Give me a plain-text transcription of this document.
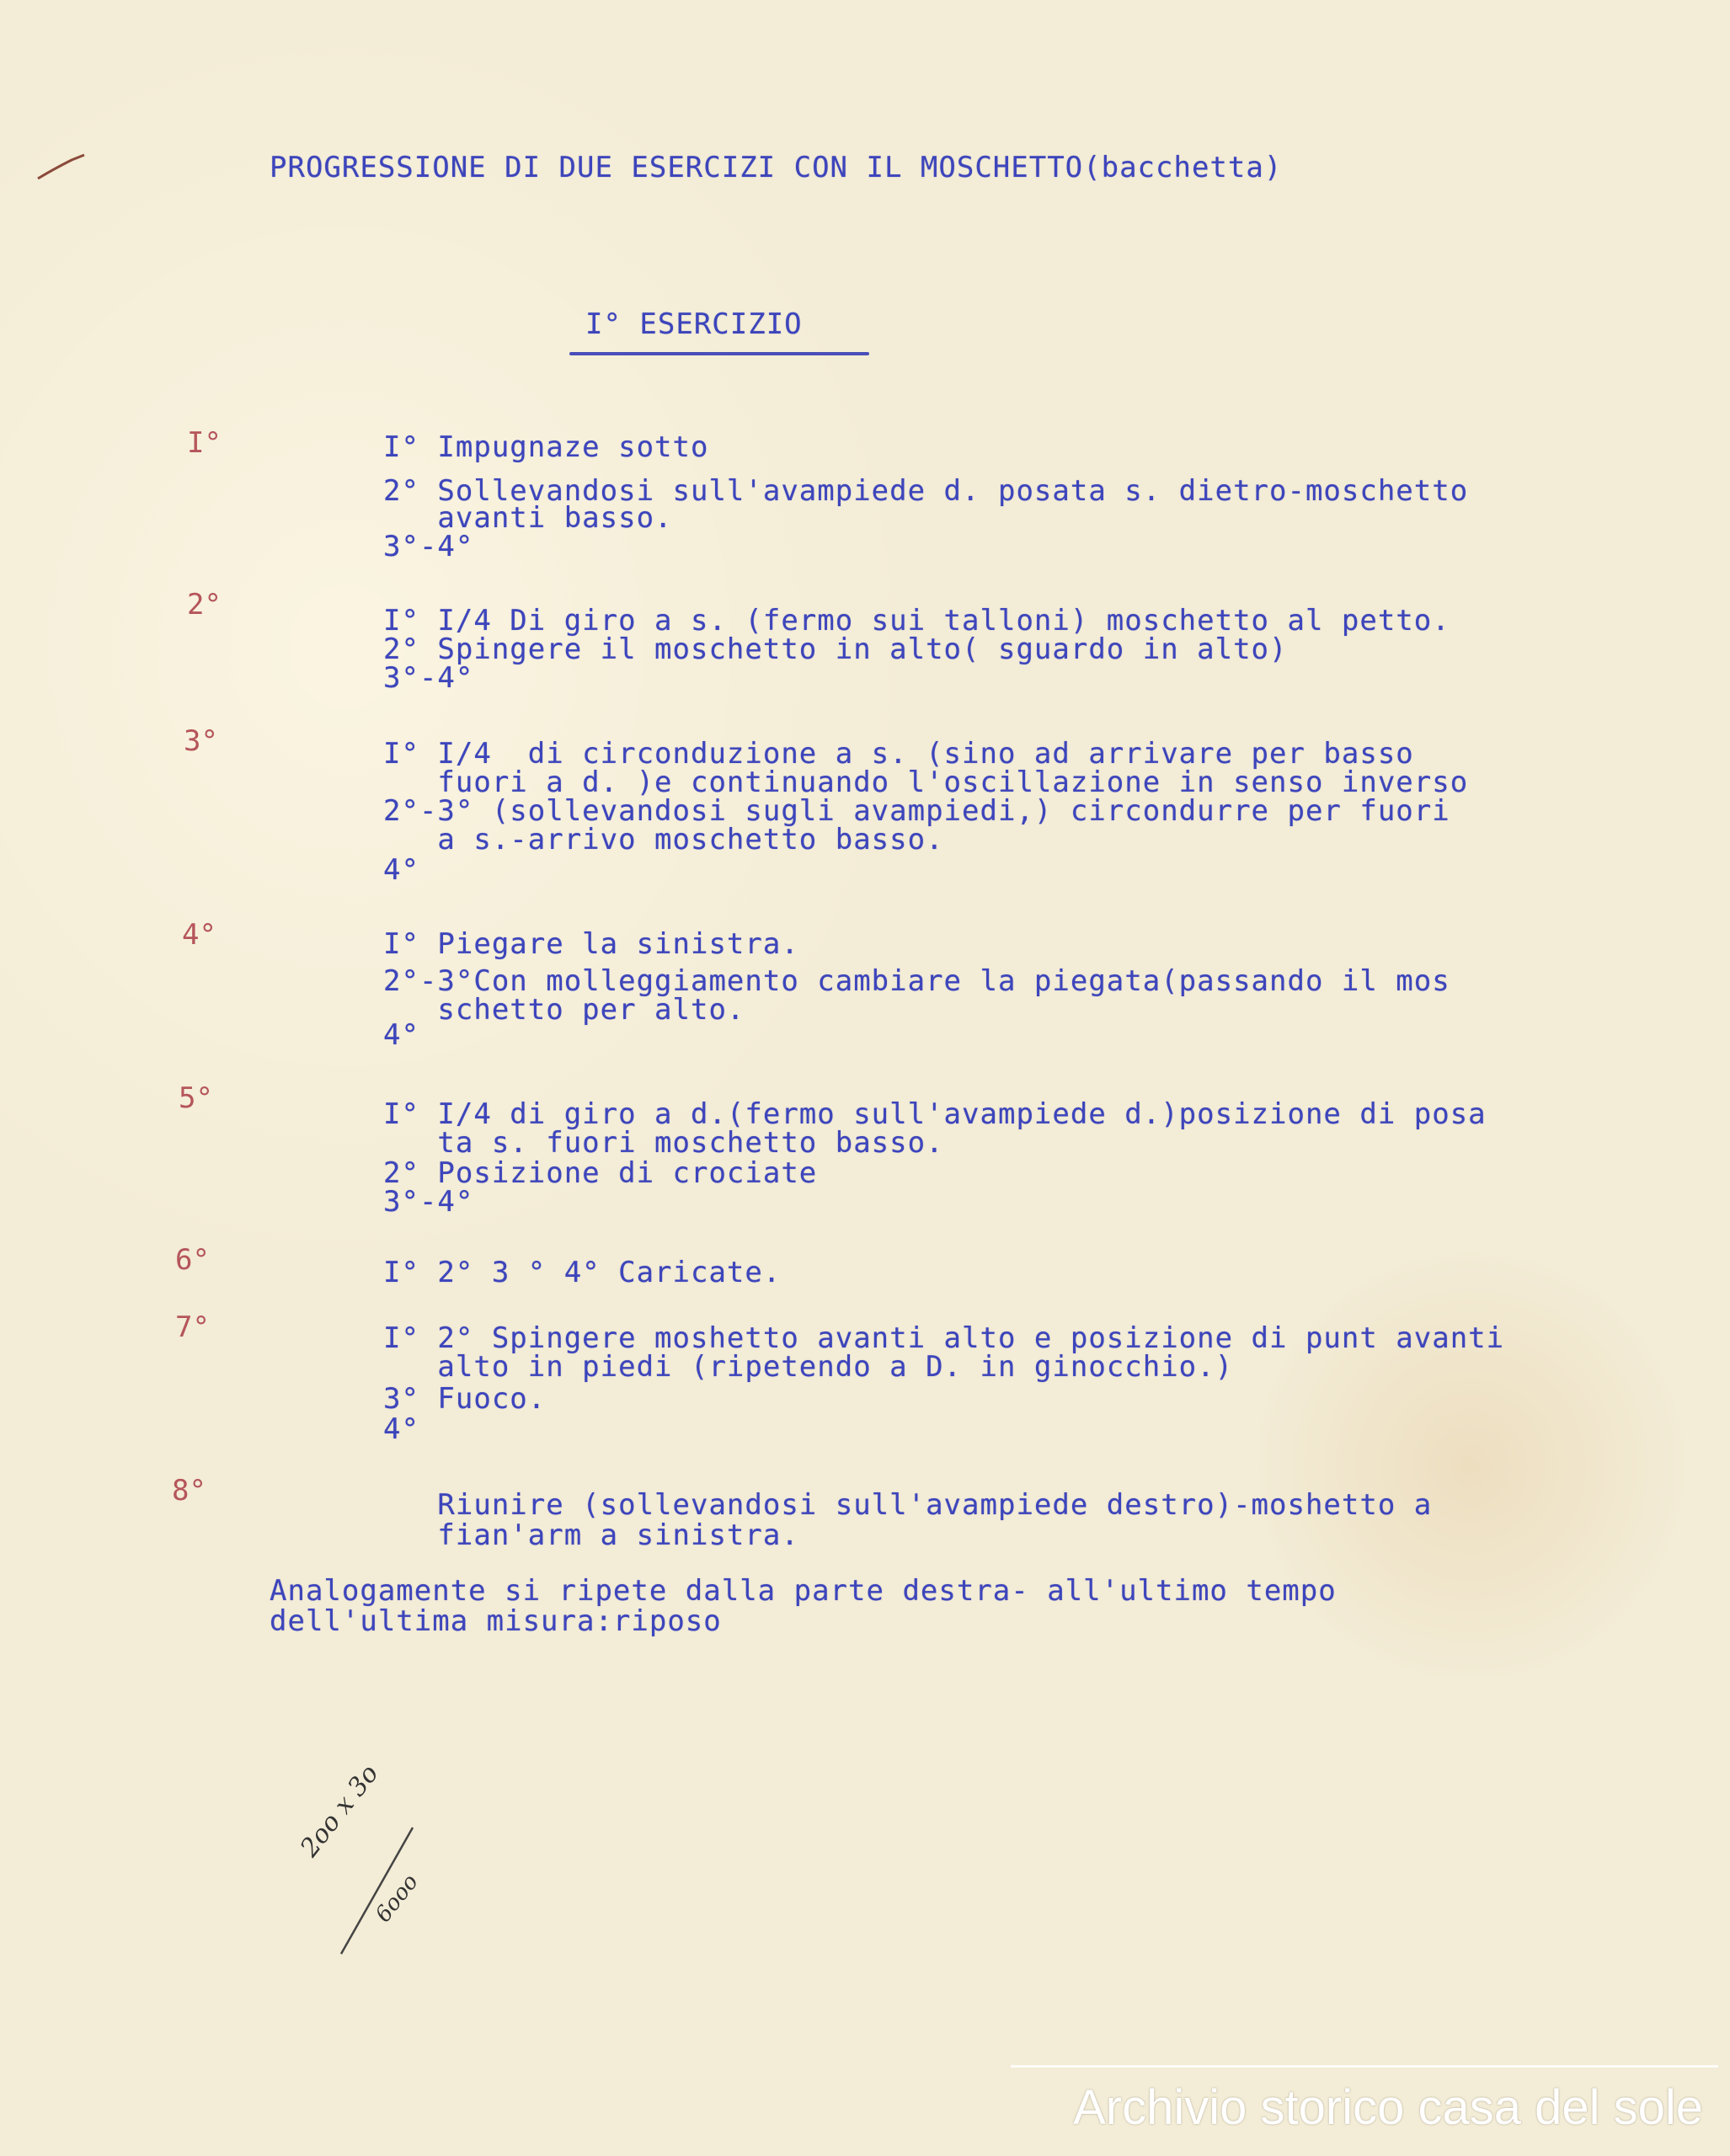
PROGRESSIONE DI DUE ESERCIZI CON IL MOSCHETTO(bacchetta)
I° ESERCIZIO
I°	I° Impugnaze sotto
2° Sollevandosi sull'avampiede d. posata s. dietro-moschetto
avanti basso.
3°-4°
2°	I° I/4 Di giro a s. (fermo sui talloni) moschetto al petto.
2° Spingere il moschetto in alto( sguardo in alto)
3°-4°
3°	I° I/4  di circonduzione a s. (sino ad arrivare per basso
fuori a d. )e continuando l'oscillazione in senso inverso
2°-3° (sollevandosi sugli avampiedi,) circondurre per fuori
a s.-arrivo moschetto basso.
4°
4°	I° Piegare la sinistra.
2°-3°Con molleggiamento cambiare la piegata(passando il mos
schetto per alto.
4°
5°	I° I/4 di giro a d.(fermo sull'avampiede d.)posizione di posa
ta s. fuori moschetto basso.
2° Posizione di crociate
3°-4°
6°	I° 2° 3 ° 4° Caricate.
7°	I° 2° Spingere moshetto avanti alto e posizione di punt avanti
alto in piedi (ripetendo a D. in ginocchio.)
3° Fuoco.
4°
8°	Riunire (sollevandosi sull'avampiede destro)-moshetto a
fian'arm a sinistra.
Analogamente si ripete dalla parte destra- all'ultimo tempo
dell'ultima misura:riposo
2oo x 3o
6ooo
Archivio storico casa del sole
